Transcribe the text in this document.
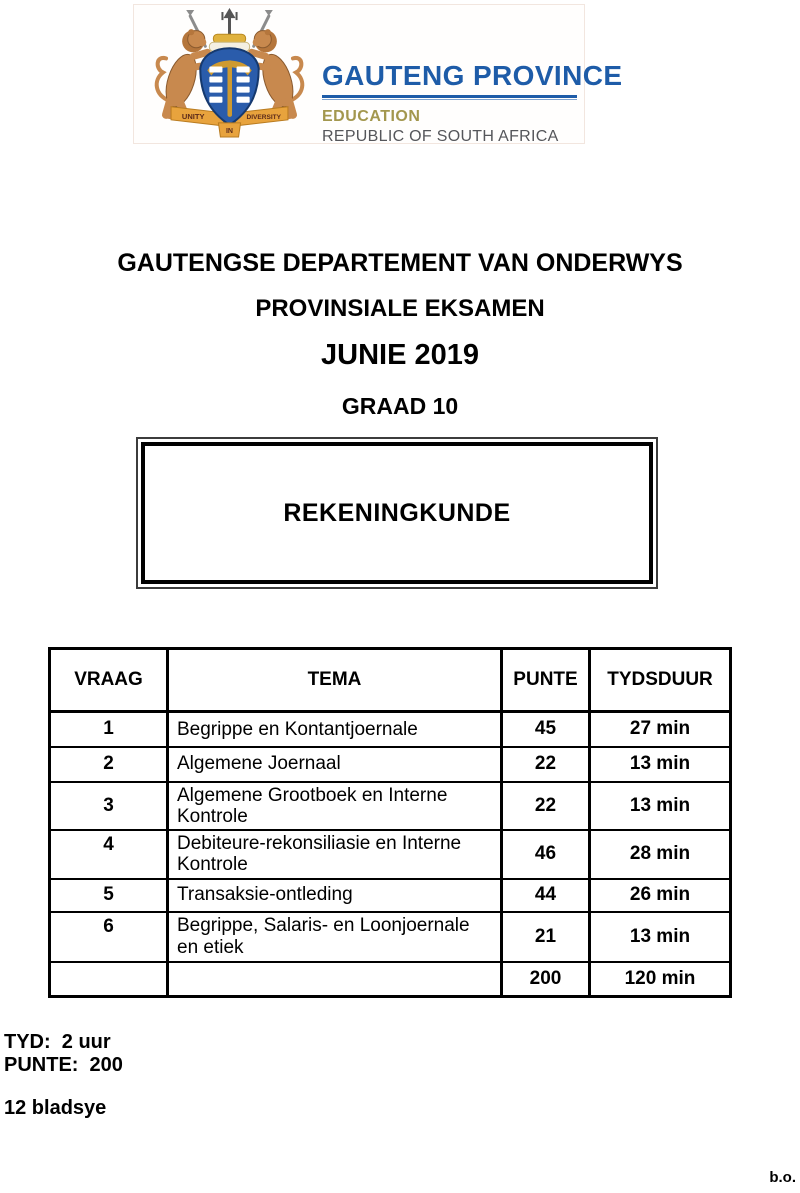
UNITY	DIVERSITY
IN
GAUTENG PROVINCE
EDUCATION
REPUBLIC OF SOUTH AFRICA
GAUTENGSE DEPARTEMENT VAN ONDERWYS
PROVINSIALE EKSAMEN
JUNIE 2019
GRAAD 10
REKENINGKUNDE
VRAAG	TEMA	PUNTE	TYDSDUUR
1	Begrippe en Kontantjoernale	45	27 min
2	Algemene Joernaal	22	13 min
3	Algemene Grootboek en Interne Kontrole	22	13 min
4	Debiteure-rekonsiliasie en Interne Kontrole	46	28 min
5	Transaksie-ontleding	44	26 min
6	Begrippe, Salaris- en Loonjoernale en etiek	21	13 min
		200	120 min
TYD:  2 uur
PUNTE:  200
12 bladsye
b.o.
